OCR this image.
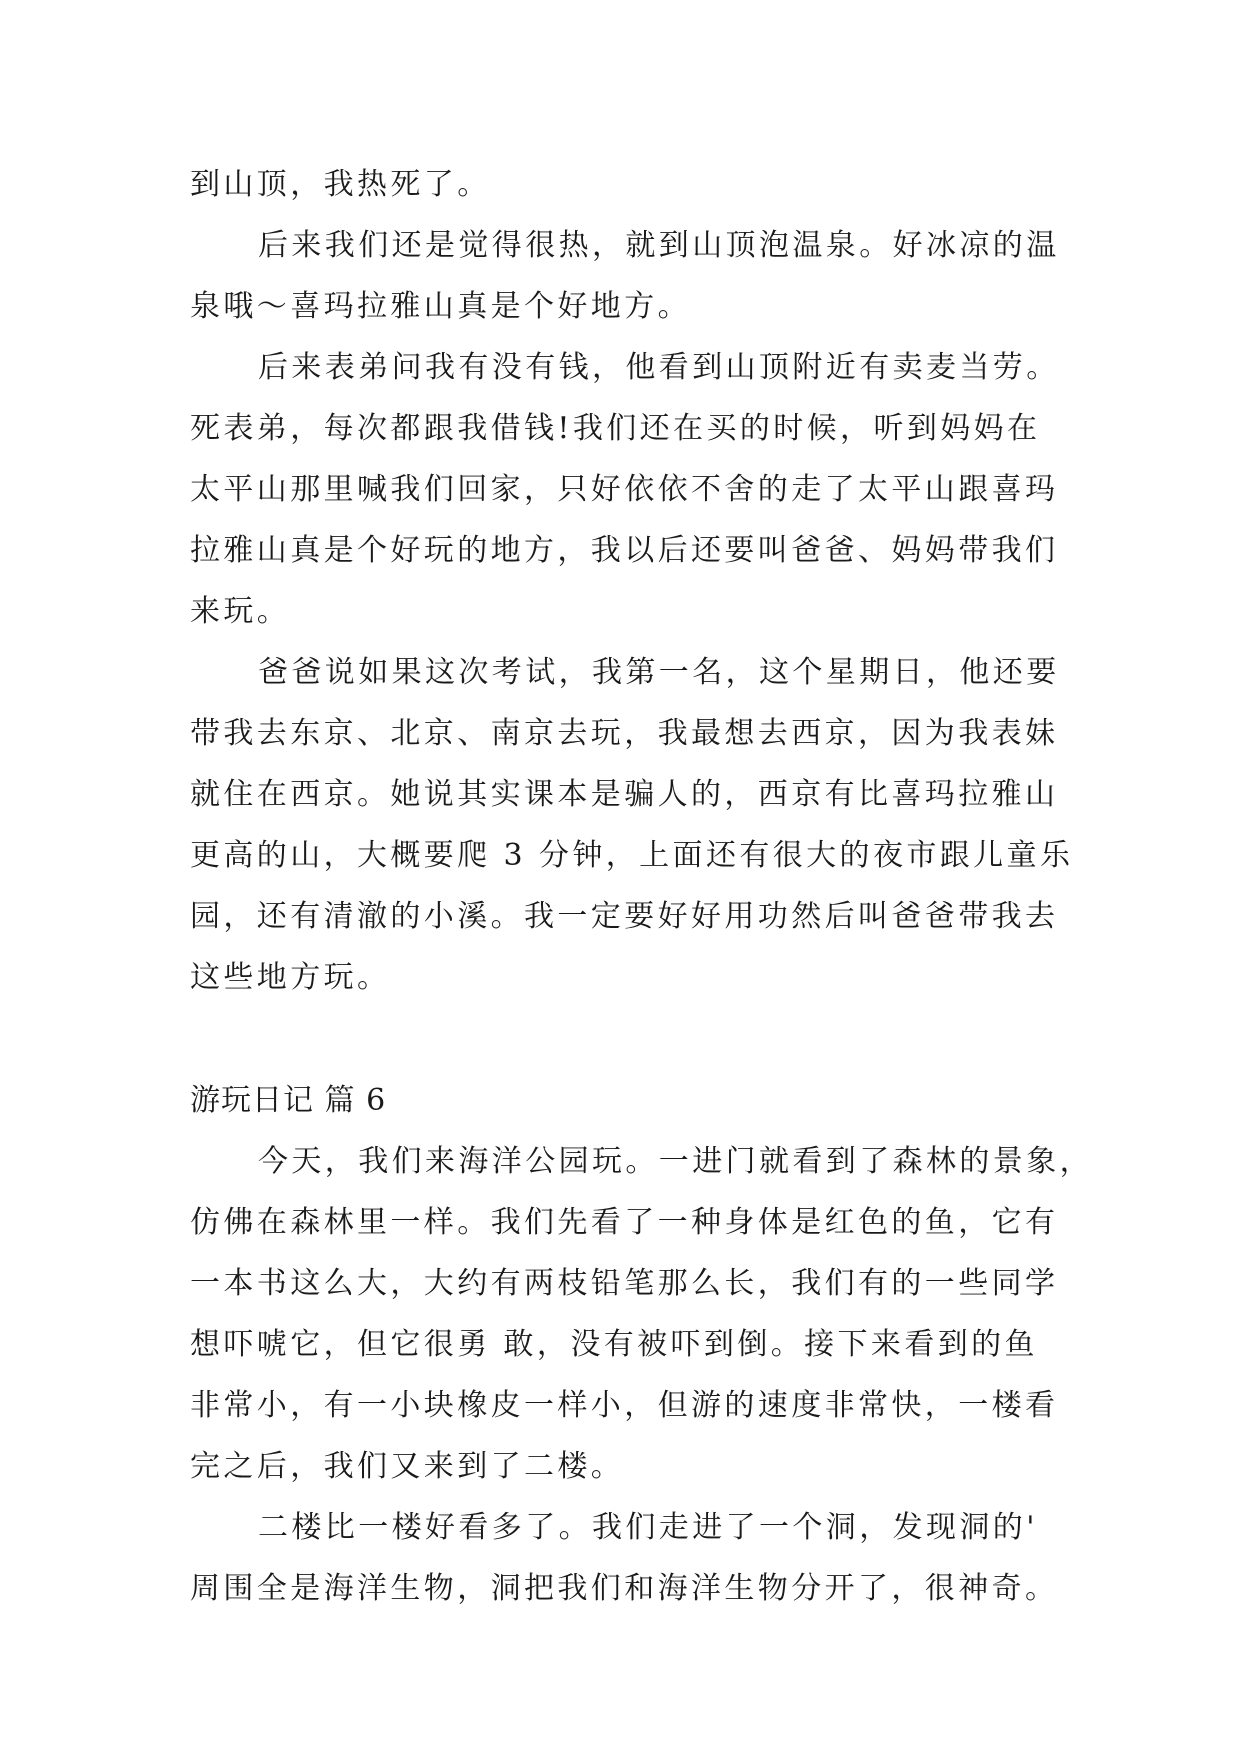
到山顶，我热死了。
后来我们还是觉得很热，就到山顶泡温泉。好冰凉的温
泉哦～喜玛拉雅山真是个好地方。
后来表弟问我有没有钱，他看到山顶附近有卖麦当劳。
死表弟，每次都跟我借钱!我们还在买的时候，听到妈妈在
太平山那里喊我们回家，只好依依不舍的走了太平山跟喜玛
拉雅山真是个好玩的地方，我以后还要叫爸爸、妈妈带我们
来玩。
爸爸说如果这次考试，我第一名，这个星期日，他还要
带我去东京、北京、南京去玩，我最想去西京，因为我表妹
就住在西京。她说其实课本是骗人的，西京有比喜玛拉雅山
更高的山，大概要爬 3 分钟，上面还有很大的夜市跟儿童乐
园，还有清澈的小溪。我一定要好好用功然后叫爸爸带我去
这些地方玩。
游玩日记 篇 6
今天，我们来海洋公园玩。一进门就看到了森林的景象，
仿佛在森林里一样。我们先看了一种身体是红色的鱼，它有
一本书这么大，大约有两枝铅笔那么长，我们有的一些同学
想吓唬它，但它很勇 敢，没有被吓到倒。接下来看到的鱼
非常小，有一小块橡皮一样小，但游的速度非常快，一楼看
完之后，我们又来到了二楼。
二楼比一楼好看多了。我们走进了一个洞，发现洞的'
周围全是海洋生物，洞把我们和海洋生物分开了，很神奇。
